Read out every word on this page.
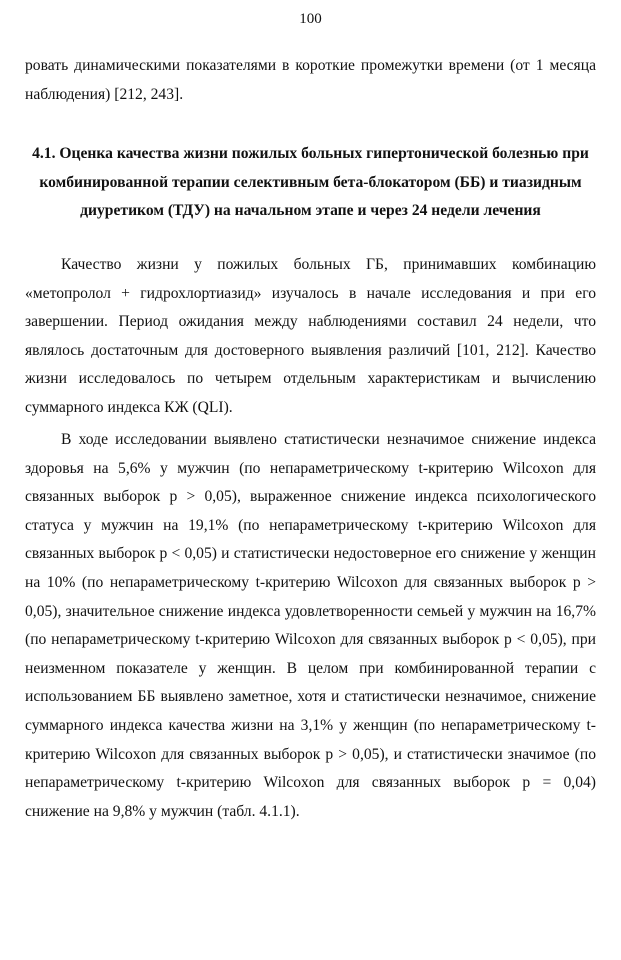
100

ровать динамическими показателями в короткие промежутки времени (от 1 месяца наблюдения) [212, 243].

4.1. Оценка качества жизни пожилых больных гипертонической болезнью при комбинированной терапии селективным бета-блокатором (ББ) и тиазидным диуретиком (ТДУ) на начальном этапе и через 24 недели лечения

Качество жизни у пожилых больных ГБ, принимавших комбинацию «метопролол + гидрохлортиазид» изучалось в начале исследования и при его завершении. Период ожидания между наблюдениями составил 24 недели, что являлось достаточным для достоверного выявления различий [101, 212]. Качество жизни исследовалось по четырем отдельным характеристикам и вычислению суммарного индекса КЖ (QLI).

В ходе исследовании выявлено статистически незначимое снижение индекса здоровья на 5,6% у мужчин (по непараметрическому t-критерию Wilcoxon для связанных выборок p > 0,05), выраженное снижение индекса психологического статуса у мужчин на 19,1% (по непараметрическому t-критерию Wilcoxon для связанных выборок p < 0,05) и статистически недостоверное его снижение у женщин на 10% (по непараметрическому t-критерию Wilcoxon для связанных выборок p > 0,05), значительное снижение индекса удовлетворенности семьей у мужчин на 16,7% (по непараметрическому t-критерию Wilcoxon для связанных выборок p < 0,05), при неизменном показателе у женщин. В целом при комбинированной терапии с использованием ББ выявлено заметное, хотя и статистически незначимое, снижение суммарного индекса качества жизни на 3,1% у женщин (по непараметрическому t-критерию Wilcoxon для связанных выборок p > 0,05), и статистически значимое (по непараметрическому t-критерию Wilcoxon для связанных выборок p = 0,04) снижение на 9,8% у мужчин (табл. 4.1.1).
